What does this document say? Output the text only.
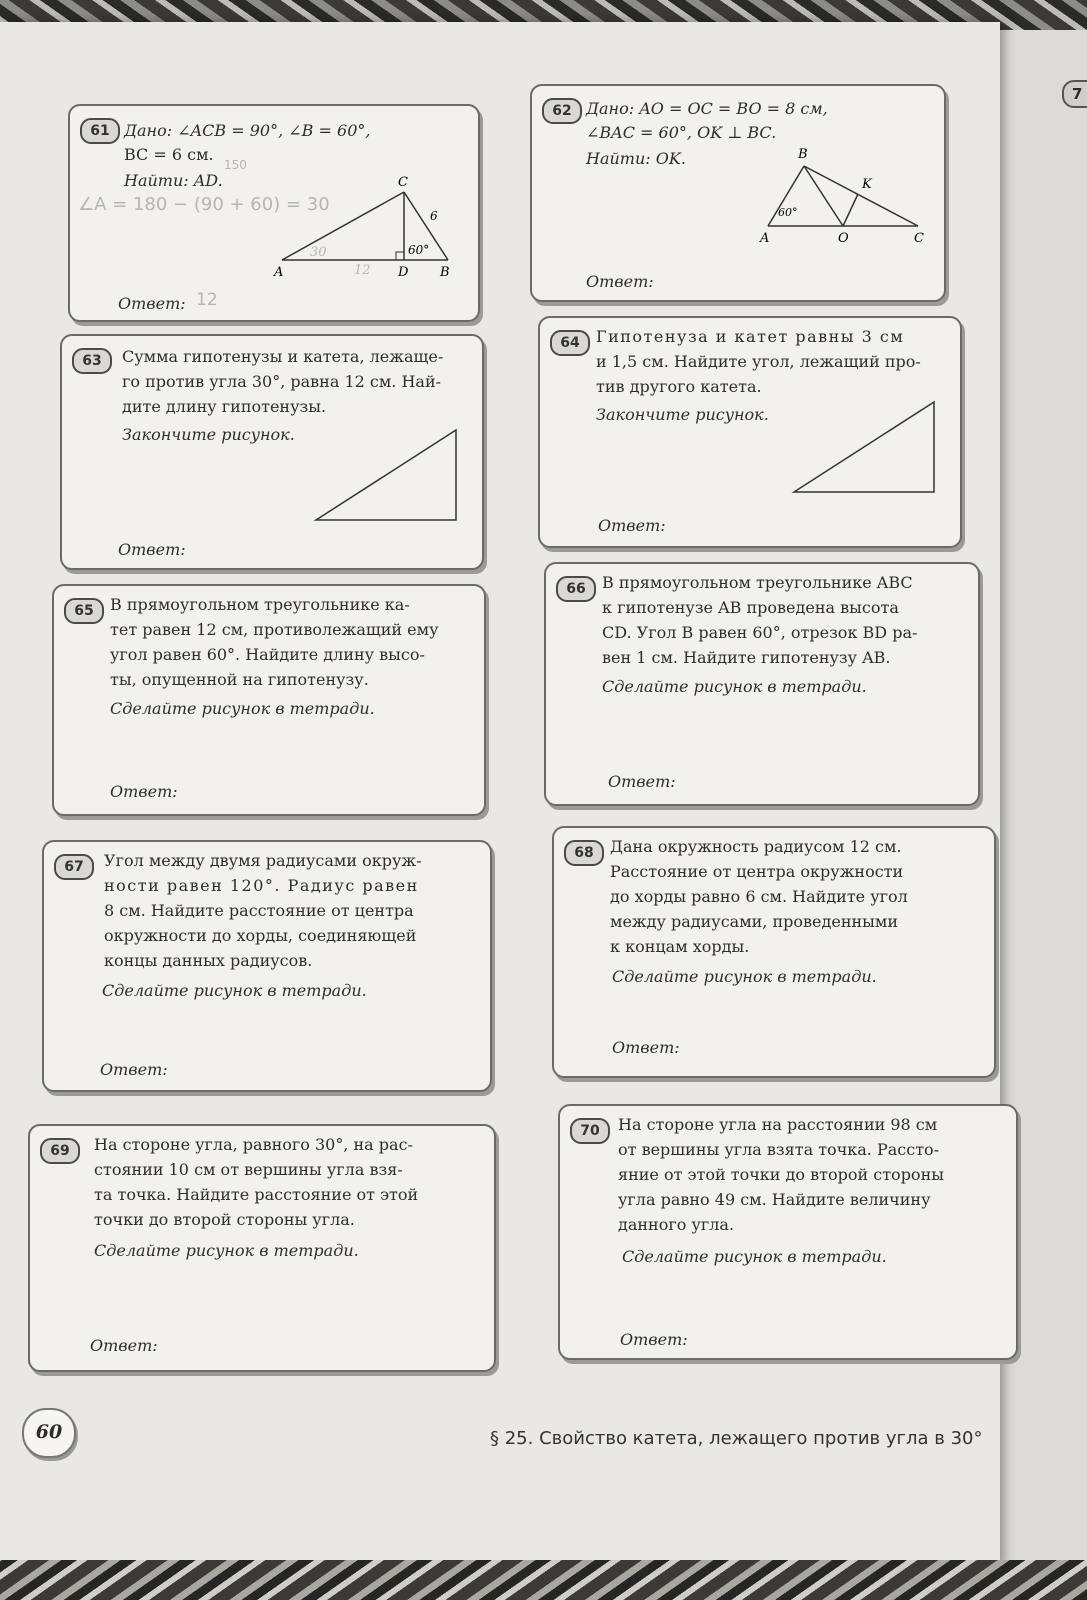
7
61 Дано: ∠ACB = 90°, ∠B = 60°,
BC = 6 см.
Найти: AD.
150
∠A = 180 − (90 + 60) = 30
C
A	D B
6
60°
30
12
Ответ: 12
62 Дано: AO = OC = BO = 8 см,
∠BAC = 60°, OK ⊥ BC.
Найти: OK.	B
K
A	O	C
60°
Ответ:
63	Сумма гипотенузы и катета, лежаще-
го против угла 30°, равна 12 см. Най-
дите длину гипотенузы.
Закончите рисунок.
Ответ:
64	Гипотенуза и катет равны 3 см
и 1,5 см. Найдите угол, лежащий про-
тив другого катета.
Закончите рисунок.
Ответ:
65	В прямоугольном треугольнике ка-
тет равен 12 см, противолежащий ему
угол равен 60°. Найдите длину высо-
ты, опущенной на гипотенузу.
Сделайте рисунок в тетради.
Ответ:
66	В прямоугольном треугольнике ABC
к гипотенузе AB проведена высота
CD. Угол B равен 60°, отрезок BD ра-
вен 1 см. Найдите гипотенузу AB.
Сделайте рисунок в тетради.
Ответ:
67	Угол между двумя радиусами окруж-
ности равен 120°. Радиус равен
8 см. Найдите расстояние от центра
окружности до хорды, соединяющей
концы данных радиусов.
Сделайте рисунок в тетради.
Ответ:
68	Дана окружность радиусом 12 см.
Расстояние от центра окружности
до хорды равно 6 см. Найдите угол
между радиусами, проведенными
к концам хорды.
Сделайте рисунок в тетради.
Ответ:
69	На стороне угла, равного 30°, на рас-
стоянии 10 см от вершины угла взя-
та точка. Найдите расстояние от этой
точки до второй стороны угла.
Сделайте рисунок в тетради.
Ответ:
70	На стороне угла на расстоянии 98 см
от вершины угла взята точка. Рассто-
яние от этой точки до второй стороны
угла равно 49 см. Найдите величину
данного угла.
Сделайте рисунок в тетради.
Ответ:
60	§ 25. Свойство катета, лежащего против угла в 30°
